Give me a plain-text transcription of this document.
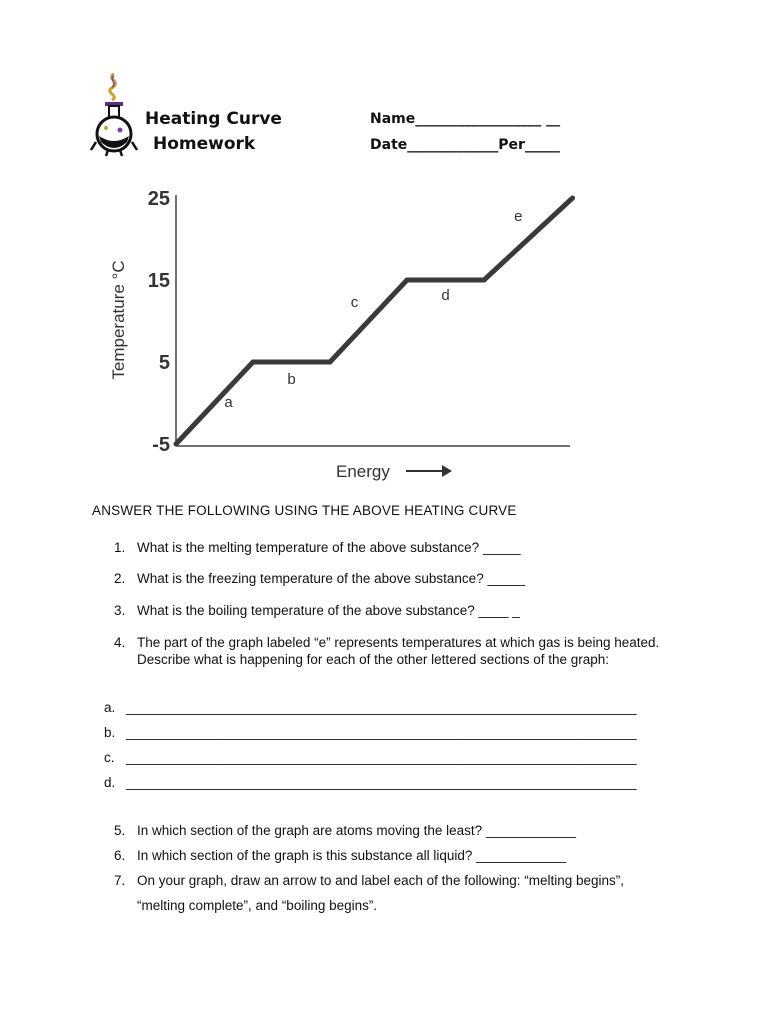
Heating Curve
Homework
Name__________________ __
Date_____________Per_____
-5
5
15
25
a
b
c	d
e
Temperature °C
Energy
ANSWER THE FOLLOWING USING THE ABOVE HEATING CURVE
1. What is the melting temperature of the above substance? _____
2. What is the freezing temperature of the above substance? _____
3. What is the boiling temperature of the above substance? ____ _
4. The part of the graph labeled “e” represents temperatures at which gas is being heated. Describe what is happening for each of the other lettered sections of the graph:
a. ____________________________________________________________________
b. ____________________________________________________________________
c. ____________________________________________________________________
d. ____________________________________________________________________
5. In which section of the graph are atoms moving the least? ____________
6. In which section of the graph is this substance all liquid? ____________
7. On your graph, draw an arrow to and label each of the following: “melting begins”, “melting complete”, and “boiling begins”.
